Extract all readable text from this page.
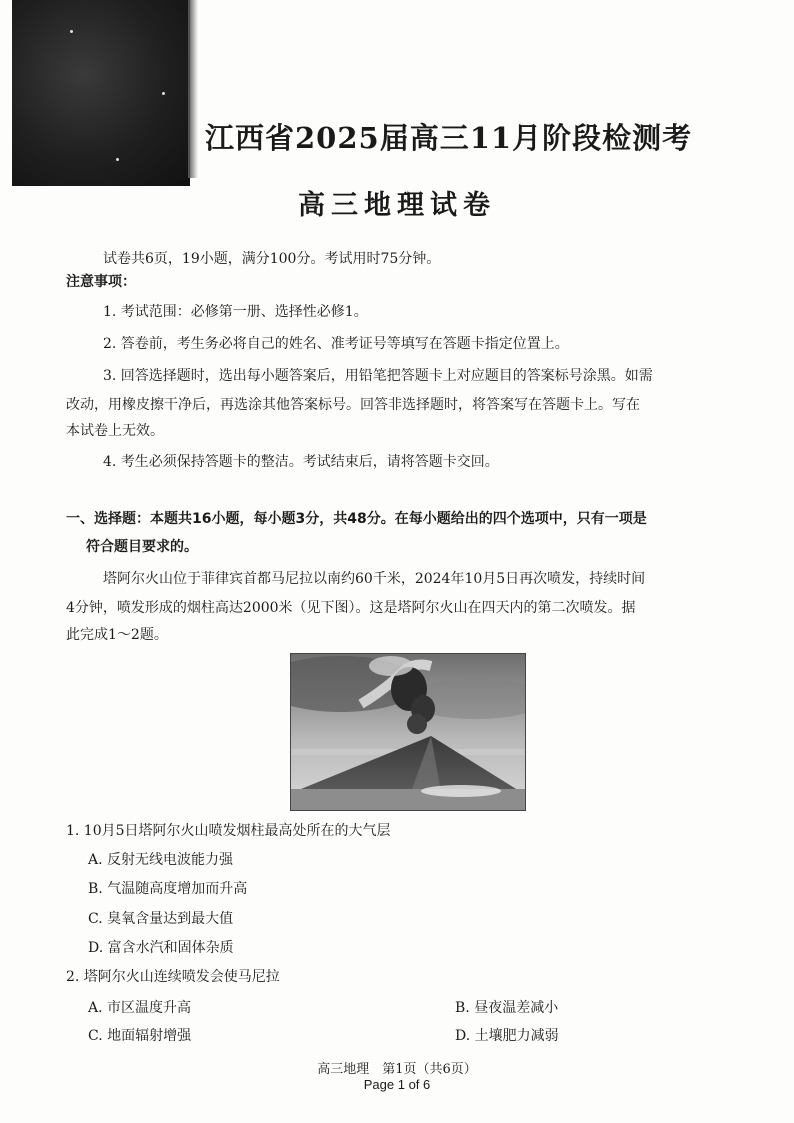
江西省2025届高三11月阶段检测考
高三地理试卷
试卷共6页，19小题，满分100分。考试用时75分钟。
注意事项：
1. 考试范围：必修第一册、选择性必修1。
2. 答卷前，考生务必将自己的姓名、准考证号等填写在答题卡指定位置上。
3. 回答选择题时，选出每小题答案后，用铅笔把答题卡上对应题目的答案标号涂黑。如需
改动，用橡皮擦干净后，再选涂其他答案标号。回答非选择题时，将答案写在答题卡上。写在
本试卷上无效。
4. 考生必须保持答题卡的整洁。考试结束后，请将答题卡交回。
一、选择题：本题共16小题，每小题3分，共48分。在每小题给出的四个选项中，只有一项是
符合题目要求的。
塔阿尔火山位于菲律宾首都马尼拉以南约60千米，2024年10月5日再次喷发，持续时间
4分钟，喷发形成的烟柱高达2000米（见下图）。这是塔阿尔火山在四天内的第二次喷发。据
此完成1～2题。
1. 10月5日塔阿尔火山喷发烟柱最高处所在的大气层
A. 反射无线电波能力强
B. 气温随高度增加而升高
C. 臭氧含量达到最大值
D. 富含水汽和固体杂质
2. 塔阿尔火山连续喷发会使马尼拉
A. 市区温度升高	B. 昼夜温差减小
C. 地面辐射增强	D. 土壤肥力减弱
高三地理　第1页（共6页）
Page 1 of 6
